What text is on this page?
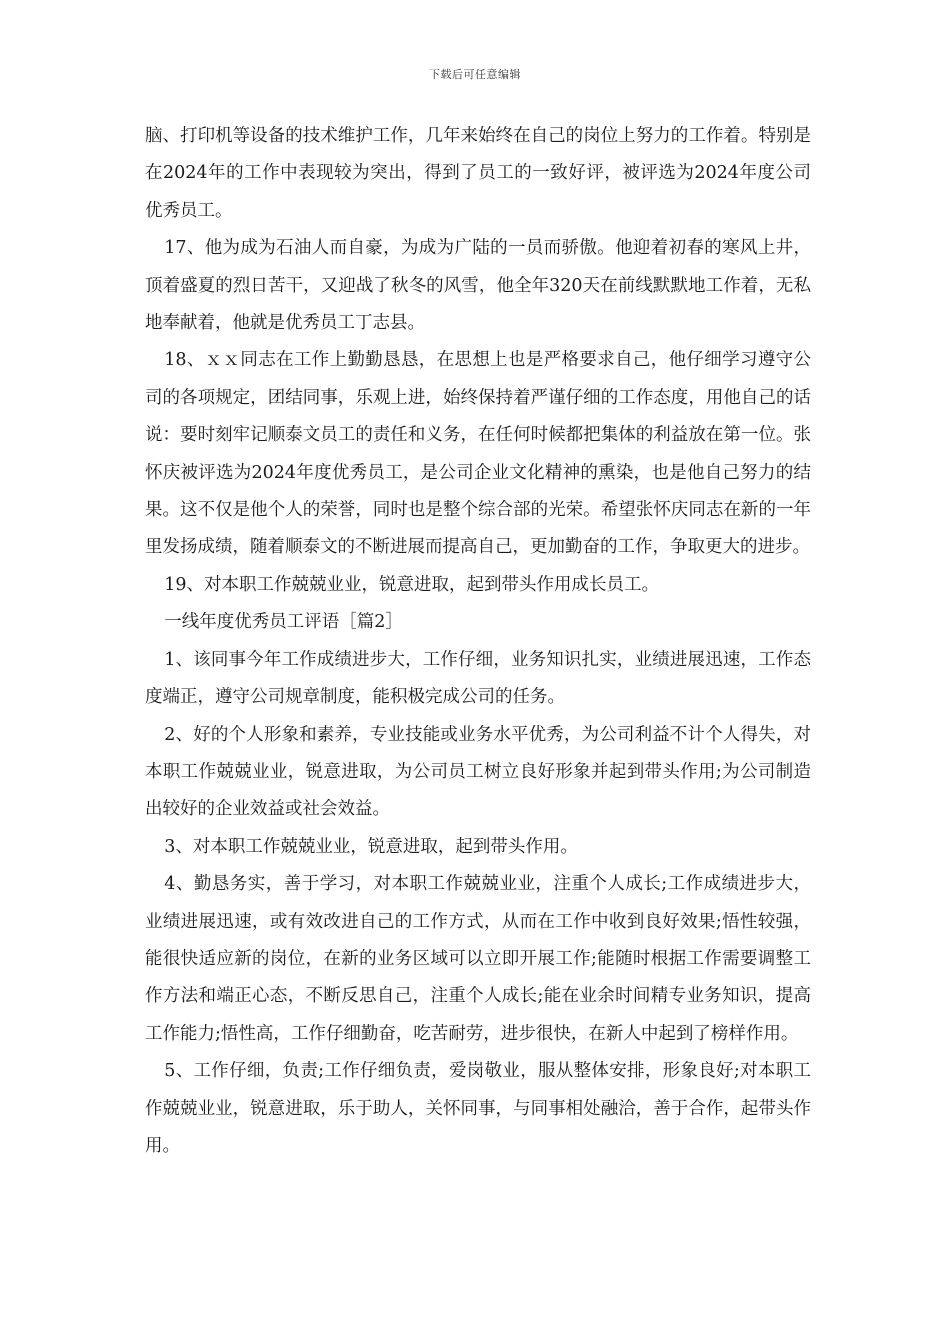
下载后可任意编辑

脑、打印机等设备的技术维护工作，几年来始终在自己的岗位上努力的工作着。特别是在2024年的工作中表现较为突出，得到了员工的一致好评，被评选为2024年度公司优秀员工。

17、他为成为石油人而自豪，为成为广陆的一员而骄傲。他迎着初春的寒风上井，顶着盛夏的烈日苦干，又迎战了秋冬的风雪，他全年320天在前线默默地工作着，无私地奉献着，他就是优秀员工丁志县。

18、ｘｘ同志在工作上勤勤恳恳，在思想上也是严格要求自己，他仔细学习遵守公司的各项规定，团结同事，乐观上进，始终保持着严谨仔细的工作态度，用他自己的话说：要时刻牢记顺泰文员工的责任和义务，在任何时候都把集体的利益放在第一位。张怀庆被评选为2024年度优秀员工，是公司企业文化精神的熏染，也是他自己努力的结果。这不仅是他个人的荣誉，同时也是整个综合部的光荣。希望张怀庆同志在新的一年里发扬成绩，随着顺泰文的不断进展而提高自己，更加勤奋的工作，争取更大的进步。

19、对本职工作兢兢业业，锐意进取，起到带头作用成长员工。

一线年度优秀员工评语［篇2］

1、该同事今年工作成绩进步大，工作仔细，业务知识扎实，业绩进展迅速，工作态度端正，遵守公司规章制度，能积极完成公司的任务。

2、好的个人形象和素养，专业技能或业务水平优秀，为公司利益不计个人得失，对本职工作兢兢业业，锐意进取，为公司员工树立良好形象并起到带头作用;为公司制造出较好的企业效益或社会效益。

3、对本职工作兢兢业业，锐意进取，起到带头作用。

4、勤恳务实，善于学习，对本职工作兢兢业业，注重个人成长;工作成绩进步大，业绩进展迅速，或有效改进自己的工作方式，从而在工作中收到良好效果;悟性较强，能很快适应新的岗位，在新的业务区域可以立即开展工作;能随时根据工作需要调整工作方法和端正心态，不断反思自己，注重个人成长;能在业余时间精专业务知识，提高工作能力;悟性高，工作仔细勤奋，吃苦耐劳，进步很快，在新人中起到了榜样作用。

5、工作仔细，负责;工作仔细负责，爱岗敬业，服从整体安排，形象良好;对本职工作兢兢业业，锐意进取，乐于助人，关怀同事，与同事相处融洽，善于合作，起带头作用。
